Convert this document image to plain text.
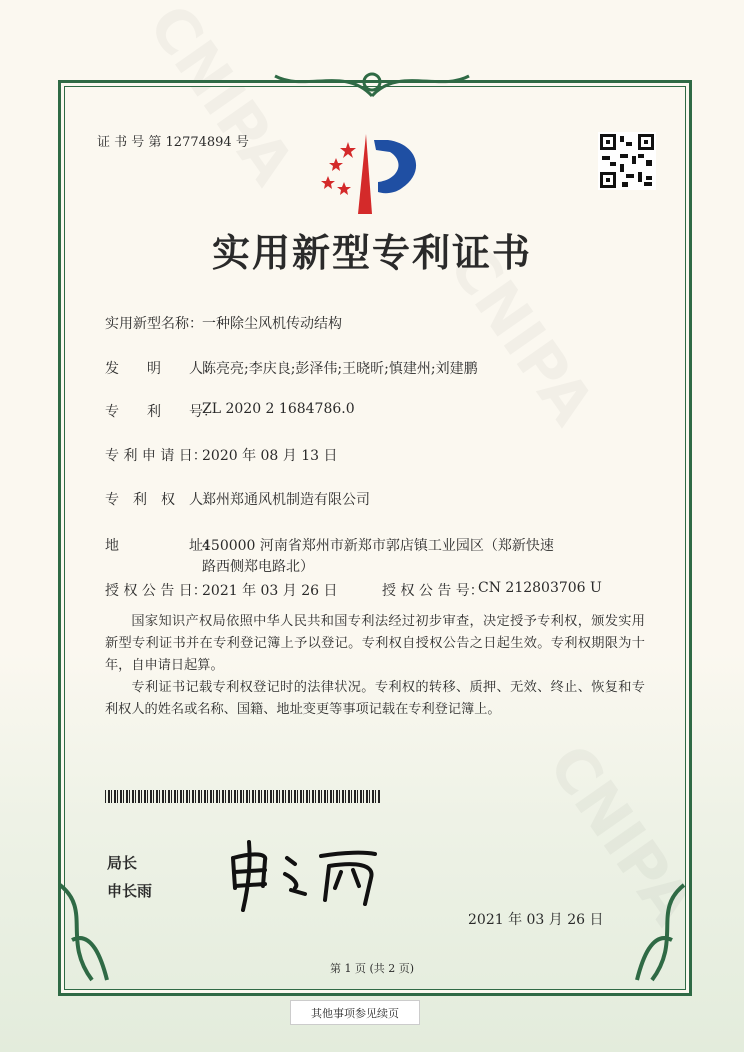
证 书 号 第 12774894 号
实用新型专利证书
实用新型名称： 一种除尘风机传动结构
发　　明　　人：
陈亮亮;李庆良;彭泽伟;王晓昕;慎建州;刘建鹏
专　　利　　号：
ZL 2020 2 1684786.0
专 利 申 请 日：
2020 年 08 月 13 日
专　利　权　人：
郑州郑通风机制造有限公司
地　　　　　址：
450000 河南省郑州市新郑市郭店镇工业园区（郑新快速
路西侧郑电路北）
授 权 公 告 日：
2021 年 03 月 26 日	授 权 公 告 号：
CN 212803706 U

国家知识产权局依照中华人民共和国专利法经过初步审查，决定授予专利权，颁发实用新型专利证书并在专利登记簿上予以登记。专利权自授权公告之日起生效。专利权期限为十年，自申请日起算。

专利证书记载专利权登记时的法律状况。专利权的转移、质押、无效、终止、恢复和专利权人的姓名或名称、国籍、地址变更等事项记载在专利登记簿上。

局长
申长雨
2021 年 03 月 26 日
第 1 页 (共 2 页)
其他事项参见续页
